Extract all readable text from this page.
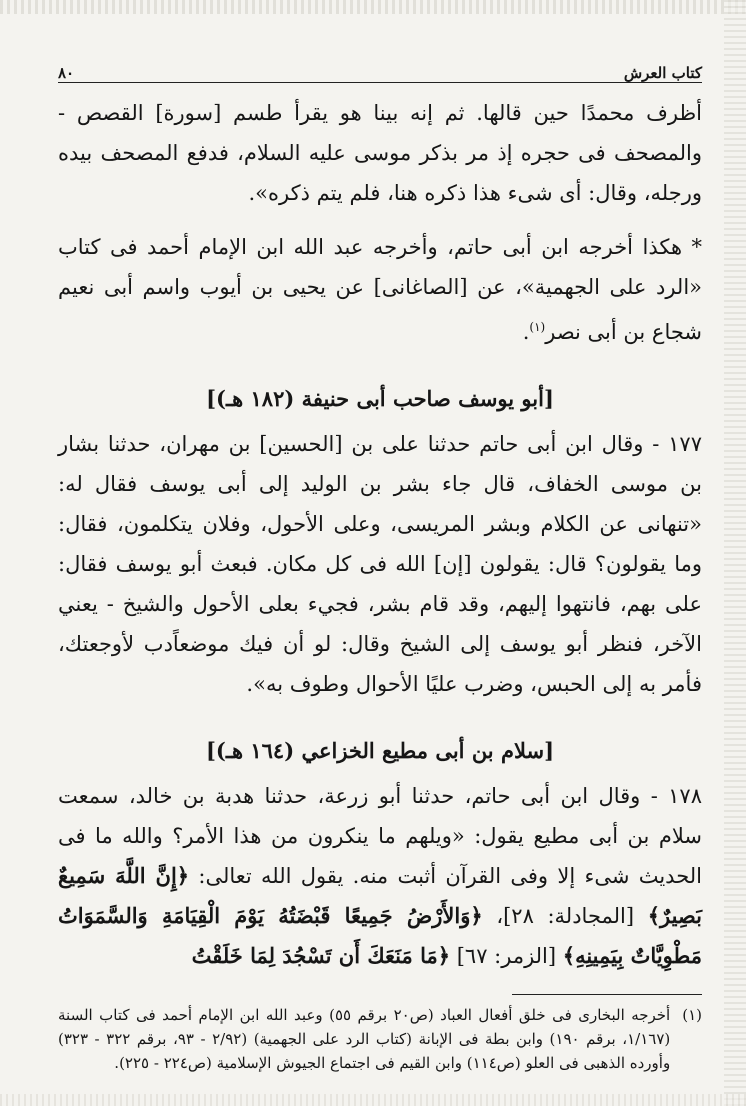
كتاب العرش
٨٠

أظرف محمدًا حين قالها. ثم إنه بينا هو يقرأ طسم [سورة] القصص - والمصحف فى حجره إذ مر بذكر موسى عليه السلام، فدفع المصحف بيده ورجله، وقال: أى شىء هذا ذكره هنا، فلم يتم ذكره».

* هكذا أخرجه ابن أبى حاتم، وأخرجه عبد الله ابن الإمام أحمد فى كتاب «الرد على الجهمية»، عن [الصاغانى] عن يحيى بن أيوب واسم أبى نعيم شجاع بن أبى نصر$^{(١)}$.

[أبو يوسف صاحب أبى حنيفة (١٨٢ هـ)]

١٧٧ - وقال ابن أبى حاتم حدثنا على بن [الحسين] بن مهران، حدثنا بشار بن موسى الخفاف، قال جاء بشر بن الوليد إلى أبى يوسف فقال له: «تنهانى عن الكلام وبشر المريسى، وعلى الأحول، وفلان يتكلمون، فقال: وما يقولون؟ قال: يقولون [إن] الله فى كل مكان. فبعث أبو يوسف فقال: على بهم، فانتهوا إليهم، وقد قام بشر، فجيء بعلى الأحول والشيخ - يعني الآخر، فنظر أبو يوسف إلى الشيخ وقال: لو أن فيك موضعاًدب لأوجعتك، فأمر به إلى الحبس، وضرب عليًا الأحوال وطوف به».

[سلام بن أبى مطيع الخزاعي (١٦٤ هـ)]

١٧٨ - وقال ابن أبى حاتم، حدثنا أبو زرعة، حدثنا هدبة بن خالد، سمعت سلام بن أبى مطيع يقول: «ويلهم ما ينكرون من هذا الأمر؟ والله ما فى الحديث شىء إلا وفى القرآن أثبت منه. يقول الله تعالى: ﴿إِنَّ اللَّهَ سَمِيعٌ بَصِيرٌ﴾ [المجادلة: ٢٨]، ﴿وَالأَرْضُ جَمِيعًا قَبْضَتُهُ يَوْمَ الْقِيَامَةِ وَالسَّمَوَاتُ مَطْوِيَّاتٌ بِيَمِينِهِ﴾ [الزمر: ٦٧] ﴿مَا مَنَعَكَ أَن تَسْجُدَ لِمَا خَلَقْتُ

(١)
أخرجه البخارى فى خلق أفعال العباد (ص٢٠ برقم ٥٥) وعبد الله ابن الإمام أحمد فى كتاب السنة (١/١٦٧، برقم ١٩٠) وابن بطة فى الإبانة (كتاب الرد على الجهمية) (٢/٩٢ - ٩٣، برقم ٣٢٢ - ٣٢٣) وأورده الذهبى فى العلو (ص١١٤) وابن القيم فى اجتماع الجيوش الإسلامية (ص٢٢٤ - ٢٢٥).
